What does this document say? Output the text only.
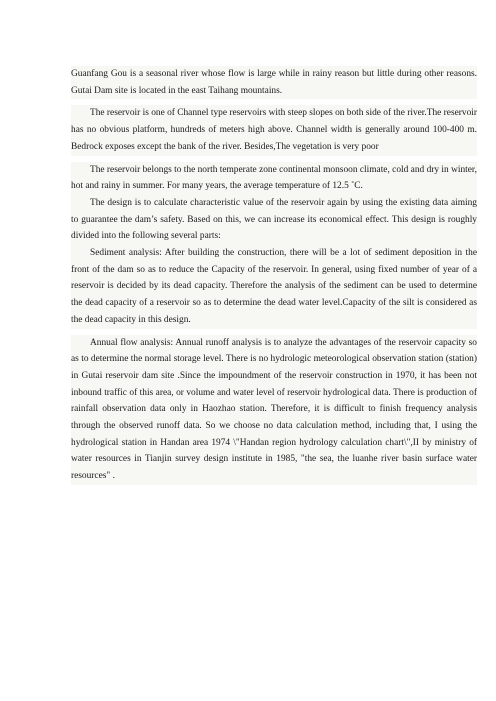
Guanfang Gou is a seasonal river whose flow is large while in rainy reason but little during other reasons. Gutai Dam site is located in the east Taihang mountains.

The reservoir is one of Channel type reservoirs with steep slopes on both side of the river.The reservoir has no obvious platform, hundreds of meters high above. Channel width is generally around 100-400 m. Bedrock exposes except the bank of the river. Besides,The vegetation is very poor

The reservoir belongs to the north temperate zone continental monsoon climate, cold and dry in winter, hot and rainy in summer. For many years, the average temperature of 12.5 ˚C.

The design is to calculate characteristic value of the reservoir again by using the existing data aiming to guarantee the dam’s safety. Based on this, we can increase its economical effect. This design is roughly divided into the following several parts:

Sediment analysis: After building the construction, there will be a lot of sediment deposition in the front of the dam so as to reduce the Capacity of the reservoir. In general, using fixed number of year of a reservoir is decided by its dead capacity. Therefore the analysis of the sediment can be used to determine the dead capacity of a reservoir so as to determine the dead water level.Capacity of the silt is considered as the dead capacity in this design.

Annual flow analysis: Annual runoff analysis is to analyze the advantages of the reservoir capacity so as to determine the normal storage level. There is no hydrologic meteorological observation station (station) in Gutai reservoir dam site .Since the impoundment of the reservoir construction in 1970, it has been not inbound traffic of this area, or volume and water level of reservoir hydrological data. There is production of rainfall observation data only in Haozhao station. Therefore, it is difficult to finish frequency analysis through the observed runoff data. So we choose no data calculation method, including that, I using the hydrological station in Handan area 1974 \"Handan region hydrology calculation chart\",II by ministry of water resources in Tianjin survey design institute in 1985, "the sea, the luanhe river basin surface water resources" .
